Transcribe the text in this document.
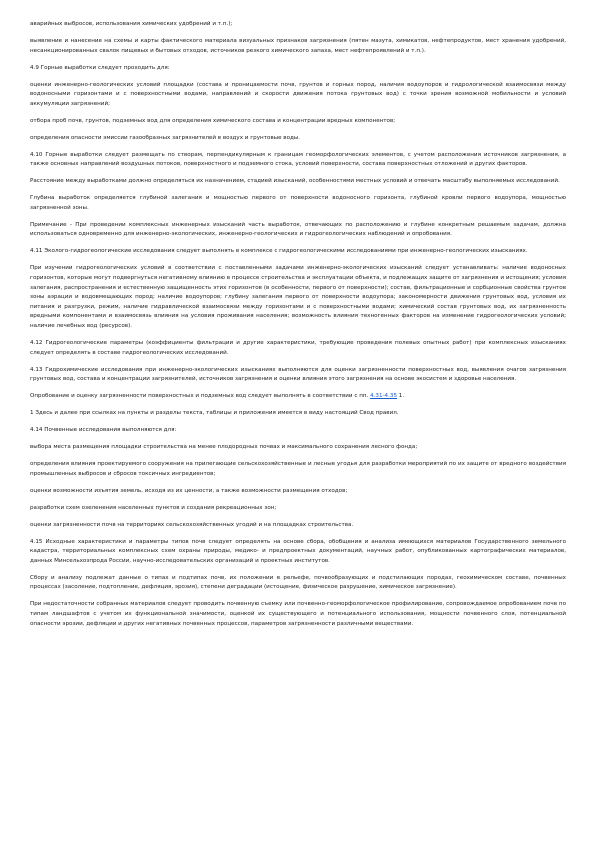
аварийных выбросов, использования химических удобрений и т.п.);

выявление и нанесение на схемы и карты фактического материала визуальных признаков загрязнения (пятен мазута, химикатов, нефтепродуктов, мест хранения удобрений, несанкционированных свалок пищевых и бытовых отходов, источников резкого химического запаха, мест нефтепроявлений и т.п.).

4.9 Горные выработки следует проходить для:

оценки инженерно-геологических условий площадки (состава и проницаемости почв, грунтов и горных пород, наличия водоупоров и гидрологической взаимосвязи между водоносными горизонтами и с поверхностными водами, направлений и скорости движения потока грунтовых вод) с точки зрения возможной мобильности и условий аккумуляции загрязнений;

отбора проб почв, грунтов, подземных вод для определения химического состава и концентрации вредных компонентов;

определения опасности эмиссии газообразных загрязнителей в воздух и грунтовые воды.

4.10 Горные выработки следует размещать по створам, перпендикулярным к границам геоморфологических элементов, с учетом расположения источников загрязнения, а также основных направлений воздушных потоков, поверхностного и подземного стока, условий поверхности, состава поверхностных отложений и других факторов.

Расстояние между выработками должно определяться их назначением, стадией изысканий, особенностями местных условий и отвечать масштабу выполняемых исследований.

Глубина выработок определяется глубиной залегания и мощностью первого от поверхности водоносного горизонта, глубиной кровли первого водоупора, мощностью загрязненной зоны.

Примечание - При проведении комплексных инженерных изысканий часть выработок, отвечающих по расположению и глубине конкретным решаемым задачам, должна использоваться одновременно для инженерно-экологических, инженерно-геологических и гидрогеологических наблюдений и опробования.

4.11 Эколого-гидрогеологические исследования следует выполнять в комплексе с гидрогеологическими исследованиями при инженерно-геологических изысканиях.

При изучении гидрогеологических условий в соответствии с поставленными задачами инженерно-экологических изысканий следует устанавливать: наличие водоносных горизонтов, которые могут подвергнуться негативному влиянию в процессе строительства и эксплуатации объекта, и подлежащих защите от загрязнения и истощения; условия залегания, распространения и естественную защищенность этих горизонтов (в особенности, первого от поверхности); состав, фильтрационные и сорбционные свойства грунтов зоны аэрации и водовмещающих пород; наличие водоупоров; глубину залегания первого от поверхности водоупора; закономерности движения грунтовых вод, условия их питания и разгрузки, режим, наличие гидравлической взаимосвязи между горизонтами и с поверхностными водами; химический состав грунтовых вод, их загрязненность вредными компонентами и взаимосвязь влияния на условия проживания населения; возможность влияния техногенных факторов на изменение гидрогеологических условий; наличие лечебных вод (ресурсов).

4.12 Гидрогеологические параметры (коэффициенты фильтрации и другие характеристики, требующие проведения полевых опытных работ) при комплексных изысканиях следует определять в составе гидрогеологических исследований.

4.13 Гидрохимические исследования при инженерно-экологических изысканиях выполняются для оценки загрязненности поверхностных вод, выявления очагов загрязнения грунтовых вод, состава и концентрации загрязнителей, источников загрязнения и оценки влияния этого загрязнения на основе экосистем и здоровье населения.

Опробование и оценку загрязненности поверхностных и подземных вод следует выполнять в соответствии с пп. 4.31-4.35 1.

1 Здесь и далее при ссылках на пункты и разделы текста, таблицы и приложения имеется в виду настоящий Свод правил.

4.14 Почвенные исследования выполняются для:

выбора места размещения площадки строительства на менее плодородных почвах и максимального сохранения лесного фонда;

определения влияния проектируемого сооружения на прилегающие сельскохозяйственные и лесные угодья для разработки мероприятий по их защите от вредного воздействия промышленных выбросов и сбросов токсичных ингредиентов;

оценки возможности изъятия земель, исходя из их ценности, а также возможности размещения отходов;

разработки схем озеленения населенных пунктов и создания рекреационных зон;

оценки загрязненности почв на территориях сельскохозяйственных угодий и на площадках строительства.

4.15 Исходные характеристики и параметры типов почв следует определять на основе сбора, обобщения и анализа имеющихся материалов Государственного земельного кадастра, территориальных комплексных схем охраны природы, медико- и предпроектных документаций, научных работ, опубликованных картографических материалов, данных Минсельхозпрода России, научно-исследовательских организаций и проектных институтов.

Сбору и анализу подлежат данные о типах и подтипах почв, их положении в рельефе, почвообразующих и подстилающих породах, геохимическом составе, почвенных процессах (засоление, подтопление, дефляция, эрозия), степени деградации (истощение, физическое разрушение, химическое загрязнение).

При недостаточности собранных материалов следует проводить почвенную съемку или почвенно-геоморфологическое профилирование, сопровождаемое опробованием почв по типам ландшафтов с учетом их функциональной значимости, оценкой их существующего и потенциального использования, мощности почвенного слоя, потенциальной опасности эрозии, дефляции и других негативных почвенных процессов, параметров загрязненности различными веществами.
